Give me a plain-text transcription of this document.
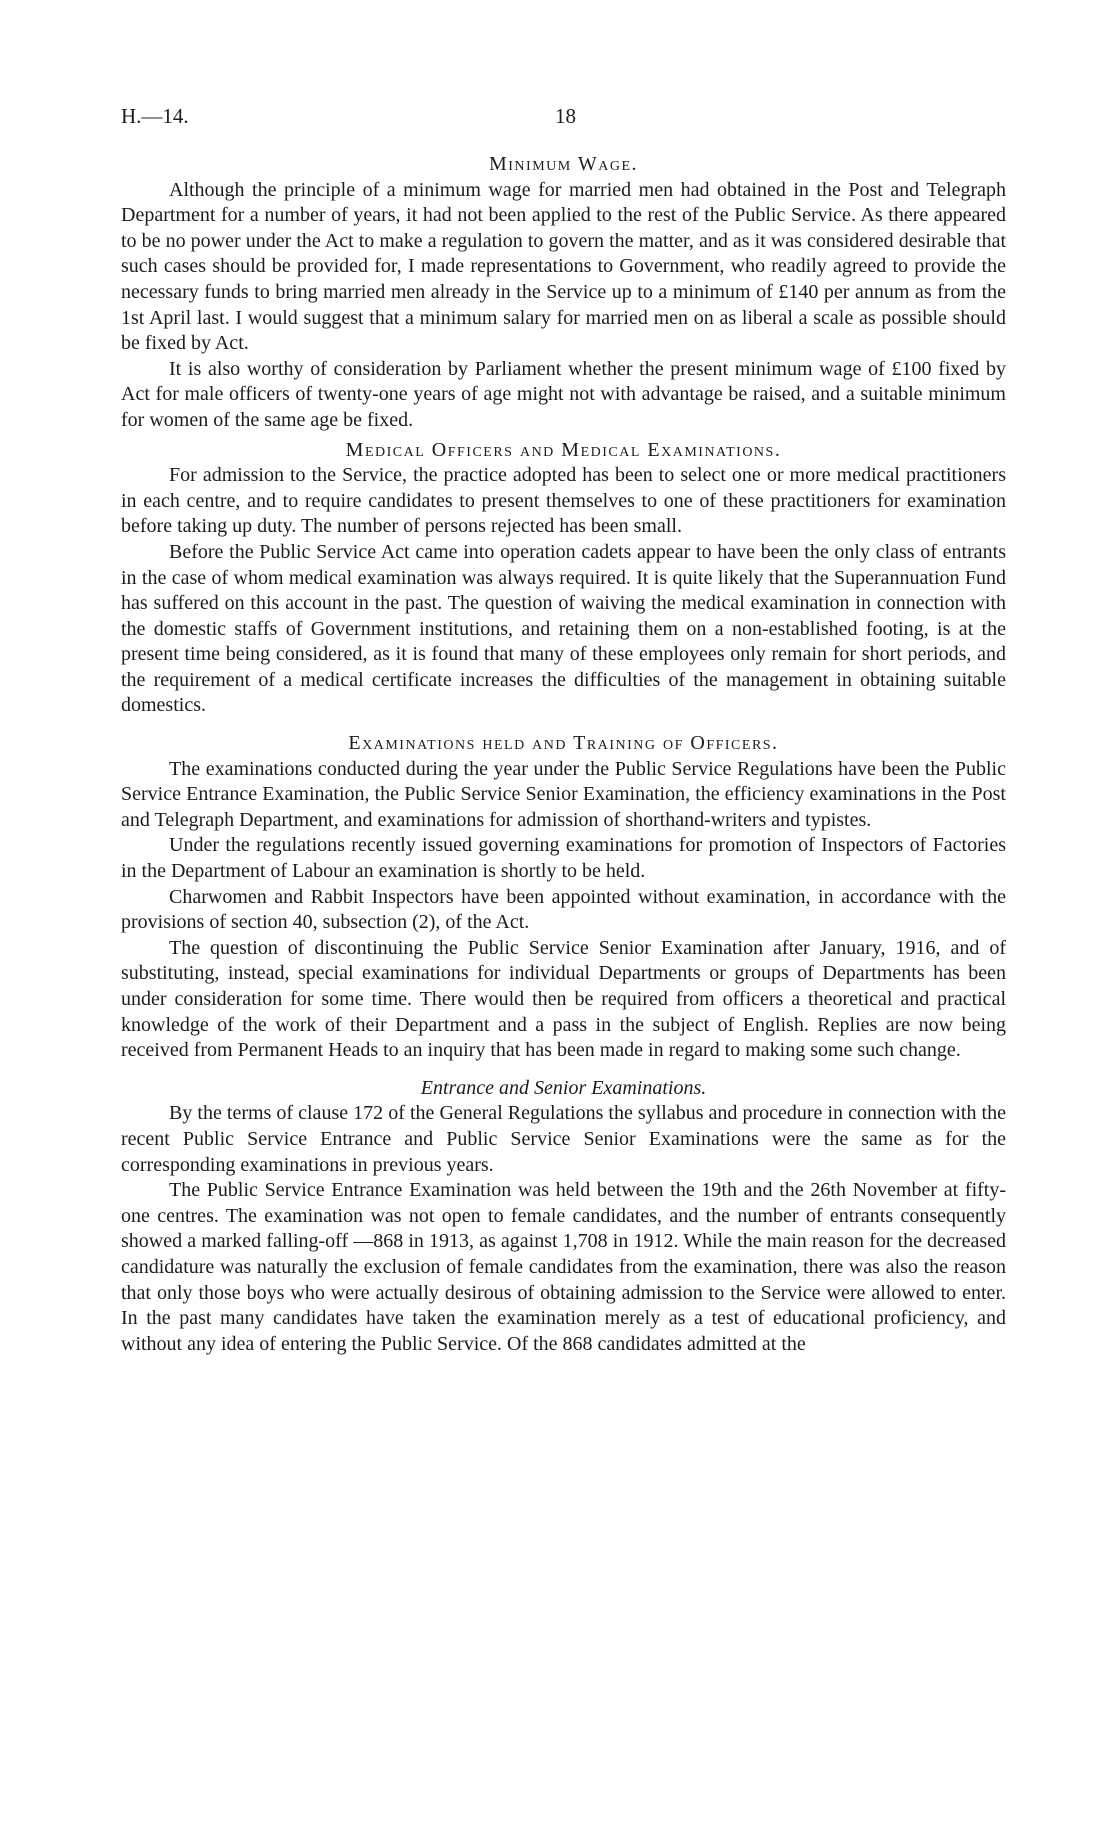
H.—14.	18
Minimum Wage.

Although the principle of a minimum wage for married men had obtained in the Post and Telegraph Department for a number of years, it had not been applied to the rest of the Public Service. As there appeared to be no power under the Act to make a regulation to govern the matter, and as it was considered desirable that such cases should be provided for, I made representations to Government, who readily agreed to provide the necessary funds to bring married men already in the Service up to a minimum of £140 per annum as from the 1st April last. I would suggest that a minimum salary for married men on as liberal a scale as possible should be fixed by Act.

It is also worthy of consideration by Parliament whether the present minimum wage of £100 fixed by Act for male officers of twenty-one years of age might not with advantage be raised, and a suitable minimum for women of the same age be fixed.

Medical Officers and Medical Examinations.

For admission to the Service, the practice adopted has been to select one or more medical practitioners in each centre, and to require candidates to present themselves to one of these practitioners for examination before taking up duty. The number of persons rejected has been small.

Before the Public Service Act came into operation cadets appear to have been the only class of entrants in the case of whom medical examination was always required. It is quite likely that the Superannuation Fund has suffered on this account in the past. The question of waiving the medical examination in connection with the domestic staffs of Government institutions, and retaining them on a non-established footing, is at the present time being considered, as it is found that many of these employees only remain for short periods, and the requirement of a medical certificate increases the difficulties of the management in obtaining suitable domestics.

Examinations held and Training of Officers.

The examinations conducted during the year under the Public Service Regulations have been the Public Service Entrance Examination, the Public Service Senior Examination, the efficiency examinations in the Post and Telegraph Department, and examinations for admission of shorthand-writers and typistes.

Under the regulations recently issued governing examinations for promotion of Inspectors of Factories in the Department of Labour an examination is shortly to be held.

Charwomen and Rabbit Inspectors have been appointed without examination, in accordance with the provisions of section 40, subsection (2), of the Act.

The question of discontinuing the Public Service Senior Examination after January, 1916, and of substituting, instead, special examinations for individual Departments or groups of Departments has been under consideration for some time. There would then be required from officers a theoretical and practical knowledge of the work of their Department and a pass in the subject of English. Replies are now being received from Permanent Heads to an inquiry that has been made in regard to making some such change.

Entrance and Senior Examinations.

By the terms of clause 172 of the General Regulations the syllabus and procedure in connection with the recent Public Service Entrance and Public Service Senior Examinations were the same as for the corresponding examinations in previous years.

The Public Service Entrance Examination was held between the 19th and the 26th November at fifty-one centres. The examination was not open to female candidates, and the number of entrants consequently showed a marked falling-off —868 in 1913, as against 1,708 in 1912. While the main reason for the decreased candidature was naturally the exclusion of female candidates from the examination, there was also the reason that only those boys who were actually desirous of obtaining admission to the Service were allowed to enter. In the past many candidates have taken the examination merely as a test of educational proficiency, and without any idea of entering the Public Service. Of the 868 candidates admitted at the
